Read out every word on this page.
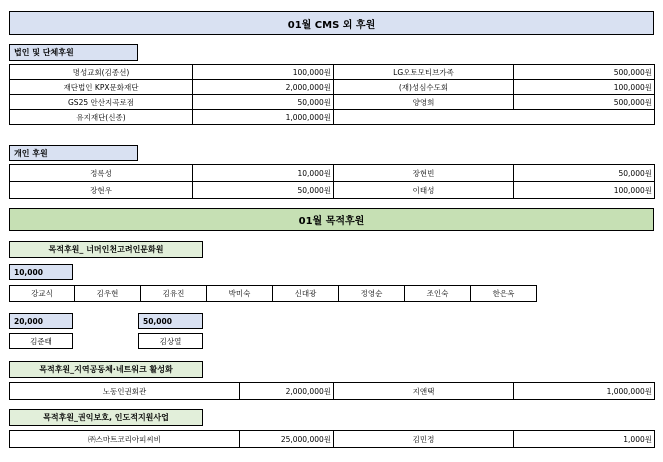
01월 CMS 외 후원
법인 및 단체후원
명성교회(김종선)	100,000원	LG오토모티브가족	500,000원
재단법인 KPX문화재단	2,000,000원	(재)성심수도회	100,000원
GS25 안산지곡로점	50,000원	양영희	500,000원
유지재단(신종)	1,000,000원		
개인 후원
정록성	10,000원	장현빈	50,000원
장현우	50,000원	이태성	100,000원
01월 목적후원
목적후원_ 너머인천고려인문화원
10,000
강교식	김우현	김유진	박미숙	신대광	정영순	조인숙	한은옥
20,000
김준태
50,000
김상열
목적후원_지역공동체·네트워크 활성화
노동인권회관	2,000,000원	지앤택	1,000,000원
목적후원_권익보호, 인도적지원사업
㈜스마트코리아피씨비	25,000,000원	김민정	1,000원
